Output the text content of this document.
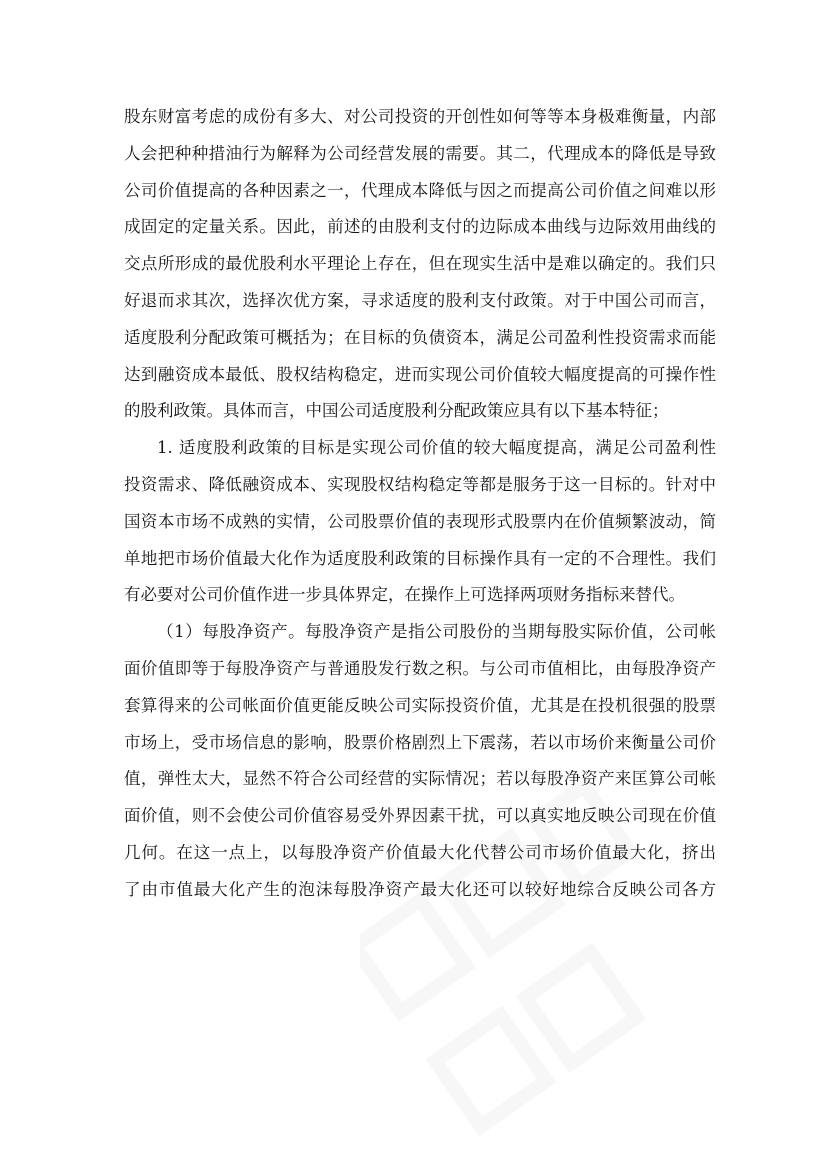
股东财富考虑的成份有多大、对公司投资的开创性如何等等本身极难衡量，内部
人会把种种措油行为解释为公司经营发展的需要。其二，代理成本的降低是导致
公司价值提高的各种因素之一，代理成本降低与因之而提高公司价值之间难以形
成固定的定量关系。因此，前述的由股利支付的边际成本曲线与边际效用曲线的
交点所形成的最优股利水平理论上存在，但在现实生活中是难以确定的。我们只
好退而求其次，选择次优方案，寻求适度的股利支付政策。对于中国公司而言，
适度股利分配政策可概括为；在目标的负债资本，满足公司盈利性投资需求而能
达到融资成本最低、股权结构稳定，进而实现公司价值较大幅度提高的可操作性
的股利政策。具体而言，中国公司适度股利分配政策应具有以下基本特征；
1. 适度股利政策的目标是实现公司价值的较大幅度提高，满足公司盈利性
投资需求、降低融资成本、实现股权结构稳定等都是服务于这一目标的。针对中
国资本市场不成熟的实情，公司股票价值的表现形式股票内在价值频繁波动，简
单地把市场价值最大化作为适度股利政策的目标操作具有一定的不合理性。我们
有必要对公司价值作进一步具体界定，在操作上可选择两项财务指标来替代。
（1）每股净资产。每股净资产是指公司股份的当期每股实际价值，公司帐
面价值即等于每股净资产与普通股发行数之积。与公司市值相比，由每股净资产
套算得来的公司帐面价值更能反映公司实际投资价值，尤其是在投机很强的股票
市场上，受市场信息的影响，股票价格剧烈上下震荡，若以市场价来衡量公司价
值，弹性太大，显然不符合公司经营的实际情况；若以每股净资产来匡算公司帐
面价值，则不会使公司价值容易受外界因素干扰，可以真实地反映公司现在价值
几何。在这一点上，以每股净资产价值最大化代替公司市场价值最大化，挤出
了由市值最大化产生的泡沫每股净资产最大化还可以较好地综合反映公司各方
